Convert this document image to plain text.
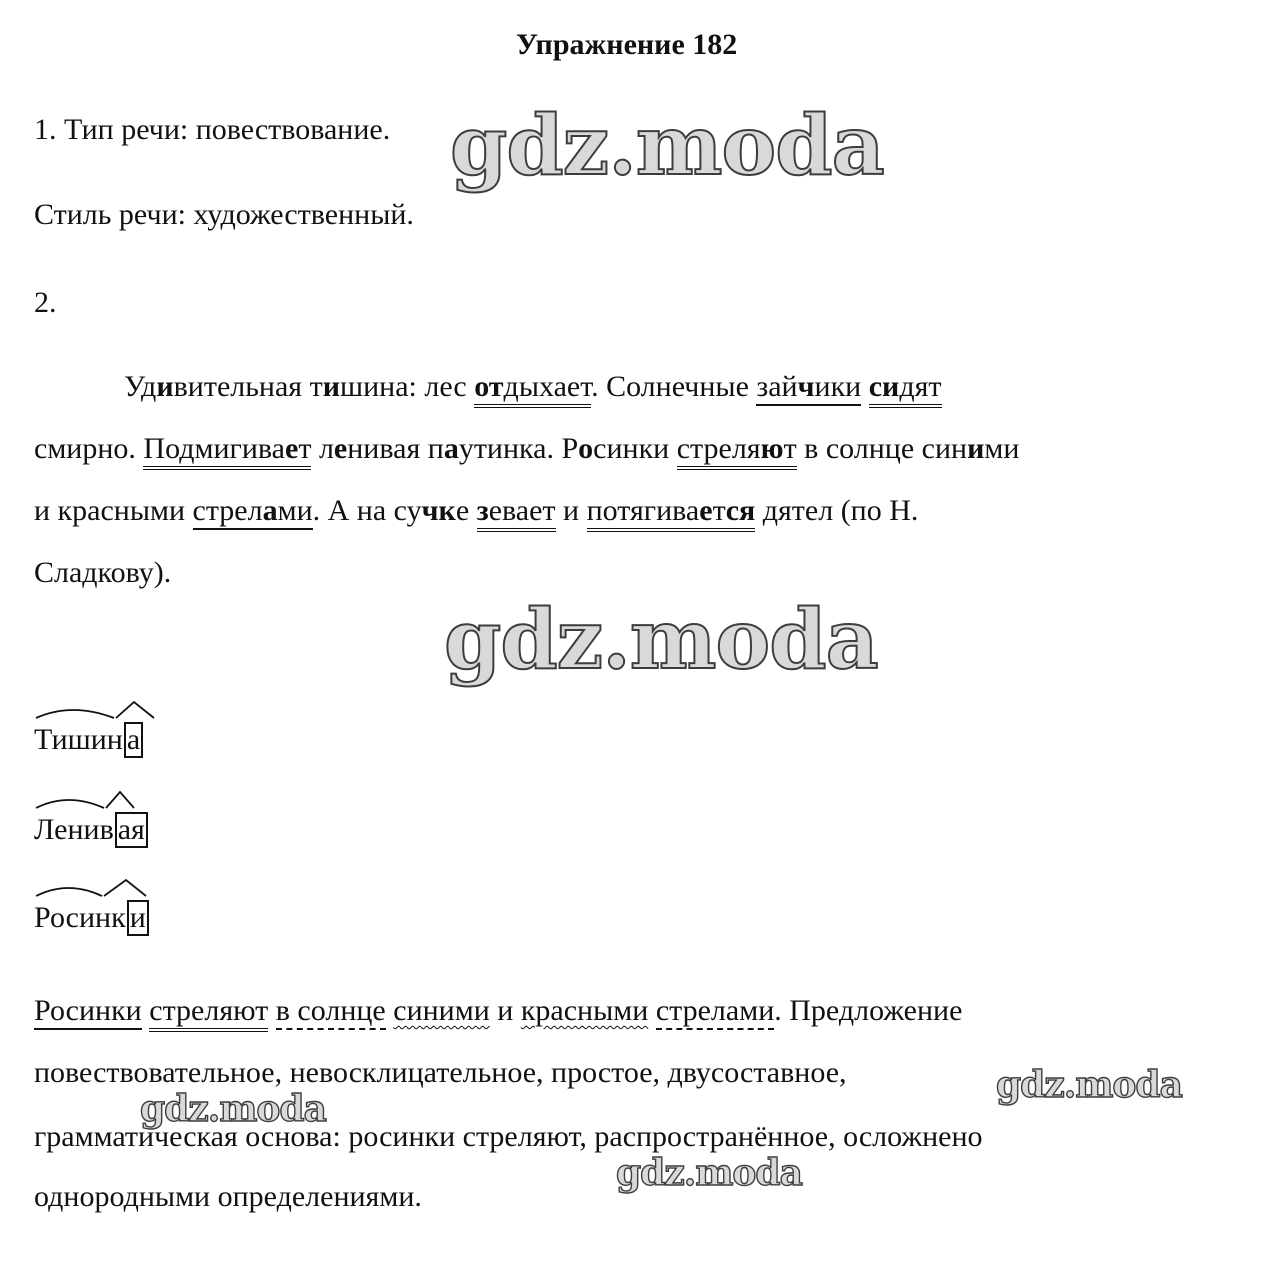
Упражнение 182
1. Тип речи: повествование. gdz.moda
Стиль речи: художественный.
2.
Удивительная тишина: лес отдыхает. Солнечные зайчики сидят
смирно. Подмигивает ленивая паутинка. Росинки стреляют в солнце синими
и красными стрелами. А на сучке зевает и потягивается дятел (по Н.
Сладкову).
gdz.moda
Тишин а
Ленив ая
Росинк и
Росинки стреляют в солнце синими и красными стрелами. Предложение
повествовательное, невосклицательное, простое, двусоставное,	gdz.moda
gdz.moda
грамматическая основа: росинки стреляют, распространённое, осложнено
gdz.moda
однородными определениями.
